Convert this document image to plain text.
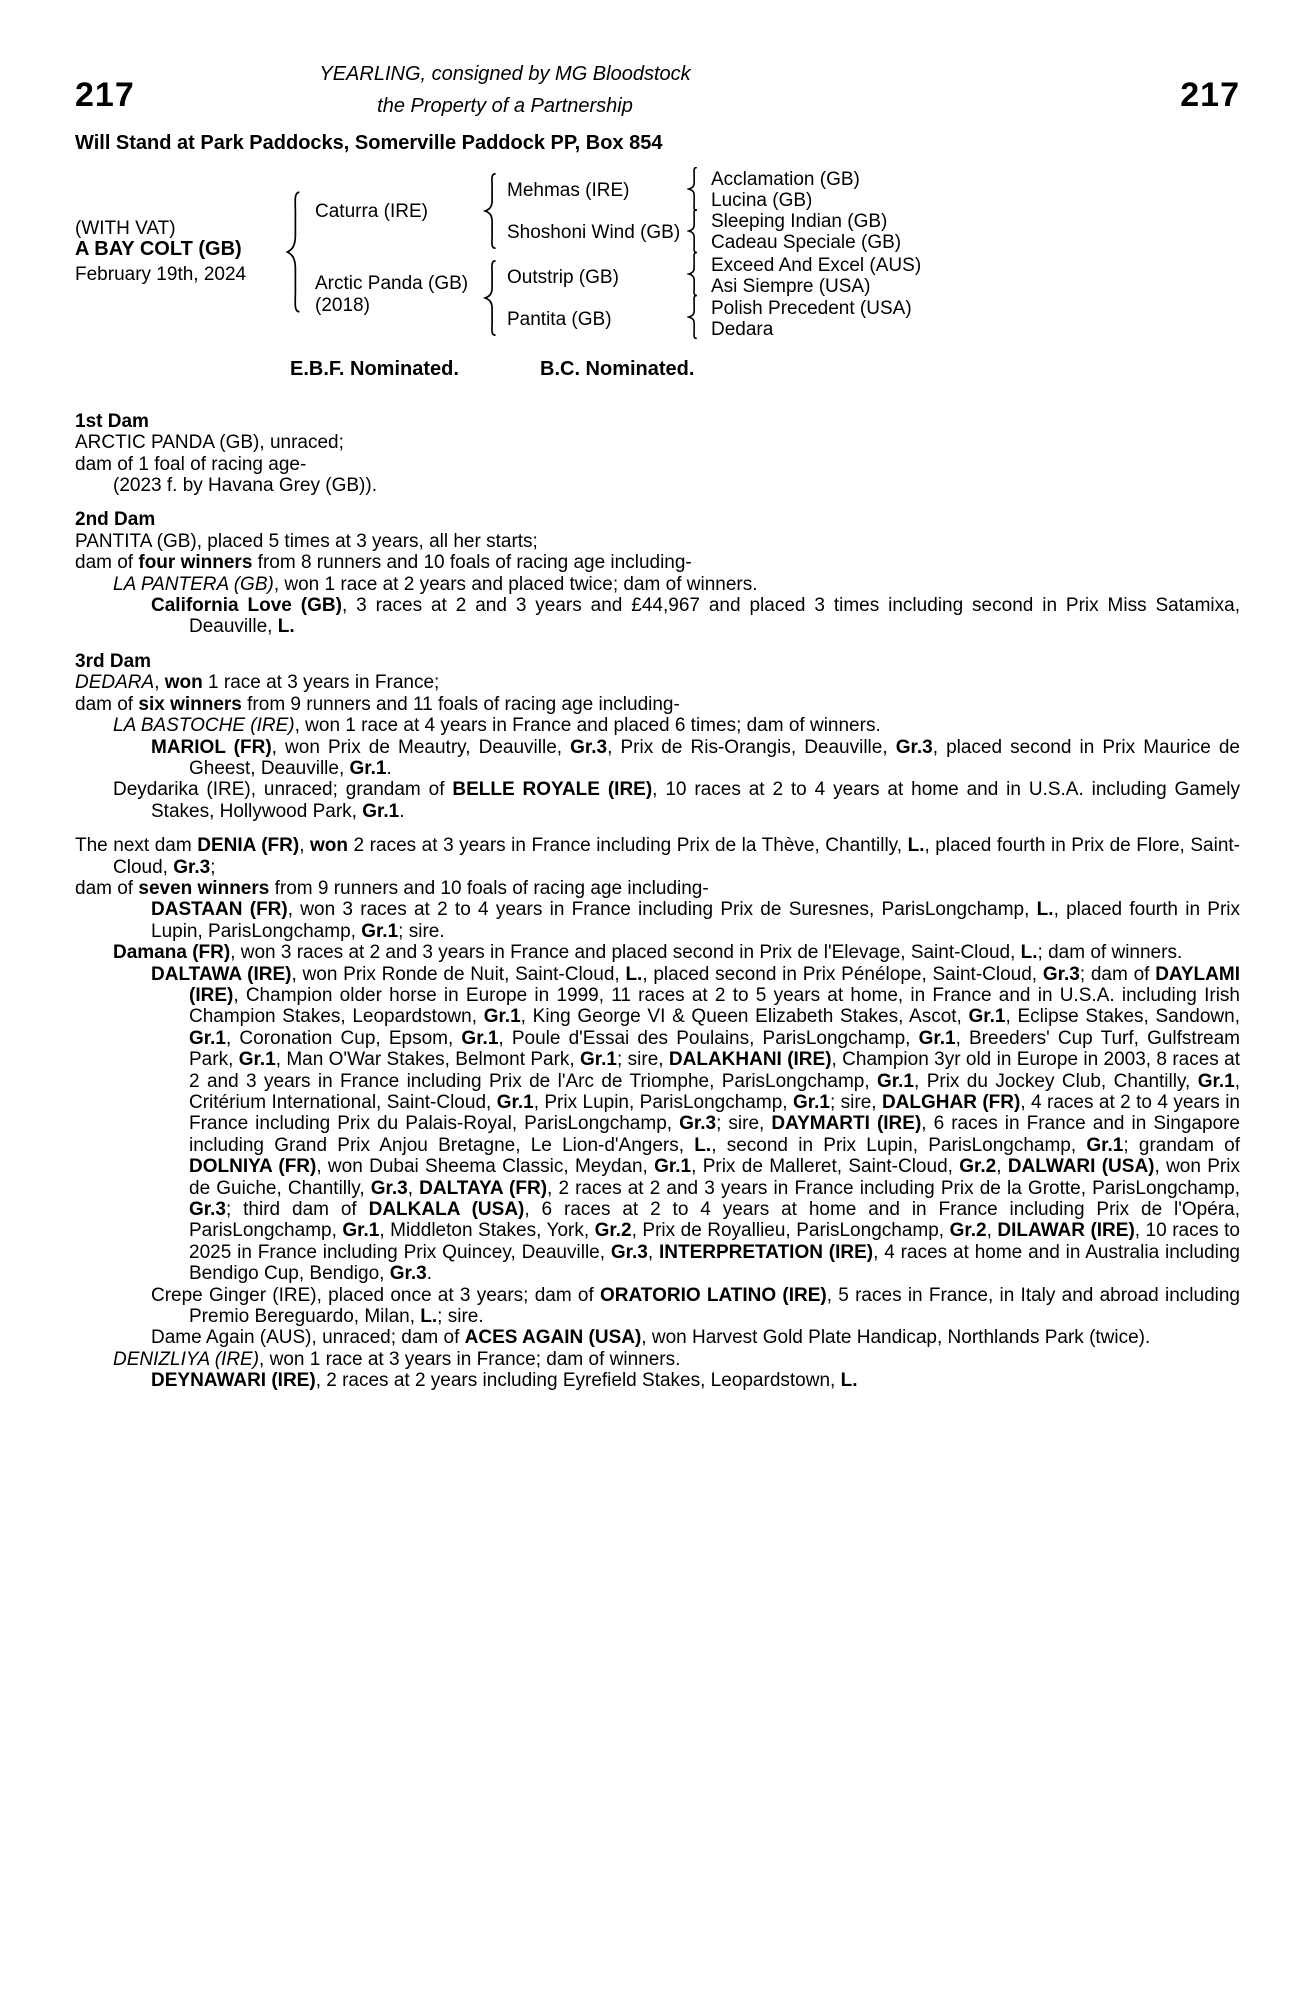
YEARLING, consigned by MG Bloodstock
217	the Property of a Partnership	217
Will Stand at Park Paddocks, Somerville Paddock PP, Box 854
(WITH VAT)
A BAY COLT (GB)
February 19th, 2024
Caturra (IRE)
Arctic Panda (GB)
(2018)
Mehmas (IRE)
Shoshoni Wind (GB)
Outstrip (GB)
Pantita (GB)
Acclamation (GB)
Lucina (GB)
Sleeping Indian (GB)
Cadeau Speciale (GB)
Exceed And Excel (AUS)
Asi Siempre (USA)
Polish Precedent (USA)
Dedara
E.B.F. Nominated.	B.C. Nominated.
1st Dam
ARCTIC PANDA (GB), unraced;
dam of 1 foal of racing age-
(2023 f. by Havana Grey (GB)).
2nd Dam
PANTITA (GB), placed 5 times at 3 years, all her starts;
dam of four winners from 8 runners and 10 foals of racing age including-
LA PANTERA (GB), won 1 race at 2 years and placed twice; dam of winners.
California Love (GB), 3 races at 2 and 3 years and £44,967 and placed 3 times including second in Prix Miss Satamixa, Deauville, L.
3rd Dam
DEDARA, won 1 race at 3 years in France;
dam of six winners from 9 runners and 11 foals of racing age including-
LA BASTOCHE (IRE), won 1 race at 4 years in France and placed 6 times; dam of winners.
MARIOL (FR), won Prix de Meautry, Deauville, Gr.3, Prix de Ris-Orangis, Deauville, Gr.3, placed second in Prix Maurice de Gheest, Deauville, Gr.1.
Deydarika (IRE), unraced; grandam of BELLE ROYALE (IRE), 10 races at 2 to 4 years at home and in U.S.A. including Gamely Stakes, Hollywood Park, Gr.1.
The next dam DENIA (FR), won 2 races at 3 years in France including Prix de la Thève, Chantilly, L., placed fourth in Prix de Flore, Saint-Cloud, Gr.3;
dam of seven winners from 9 runners and 10 foals of racing age including-
DASTAAN (FR), won 3 races at 2 to 4 years in France including Prix de Suresnes, ParisLongchamp, L., placed fourth in Prix Lupin, ParisLongchamp, Gr.1; sire.
Damana (FR), won 3 races at 2 and 3 years in France and placed second in Prix de l'Elevage, Saint-Cloud, L.; dam of winners.
DALTAWA (IRE), won Prix Ronde de Nuit, Saint-Cloud, L., placed second in Prix Pénélope, Saint-Cloud, Gr.3; dam of DAYLAMI (IRE), Champion older horse in Europe in 1999, 11 races at 2 to 5 years at home, in France and in U.S.A. including Irish Champion Stakes, Leopardstown, Gr.1, King George VI & Queen Elizabeth Stakes, Ascot, Gr.1, Eclipse Stakes, Sandown, Gr.1, Coronation Cup, Epsom, Gr.1, Poule d'Essai des Poulains, ParisLongchamp, Gr.1, Breeders' Cup Turf, Gulfstream Park, Gr.1, Man O'War Stakes, Belmont Park, Gr.1; sire, DALAKHANI (IRE), Champion 3yr old in Europe in 2003, 8 races at 2 and 3 years in France including Prix de l'Arc de Triomphe, ParisLongchamp, Gr.1, Prix du Jockey Club, Chantilly, Gr.1, Critérium International, Saint-Cloud, Gr.1, Prix Lupin, ParisLongchamp, Gr.1; sire, DALGHAR (FR), 4 races at 2 to 4 years in France including Prix du Palais-Royal, ParisLongchamp, Gr.3; sire, DAYMARTI (IRE), 6 races in France and in Singapore including Grand Prix Anjou Bretagne, Le Lion-d'Angers, L., second in Prix Lupin, ParisLongchamp, Gr.1; grandam of DOLNIYA (FR), won Dubai Sheema Classic, Meydan, Gr.1, Prix de Malleret, Saint-Cloud, Gr.2, DALWARI (USA), won Prix de Guiche, Chantilly, Gr.3, DALTAYA (FR), 2 races at 2 and 3 years in France including Prix de la Grotte, ParisLongchamp, Gr.3; third dam of DALKALA (USA), 6 races at 2 to 4 years at home and in France including Prix de l'Opéra, ParisLongchamp, Gr.1, Middleton Stakes, York, Gr.2, Prix de Royallieu, ParisLongchamp, Gr.2, DILAWAR (IRE), 10 races to 2025 in France including Prix Quincey, Deauville, Gr.3, INTERPRETATION (IRE), 4 races at home and in Australia including Bendigo Cup, Bendigo, Gr.3.
Crepe Ginger (IRE), placed once at 3 years; dam of ORATORIO LATINO (IRE), 5 races in France, in Italy and abroad including Premio Bereguardo, Milan, L.; sire.
Dame Again (AUS), unraced; dam of ACES AGAIN (USA), won Harvest Gold Plate Handicap, Northlands Park (twice).
DENIZLIYA (IRE), won 1 race at 3 years in France; dam of winners.
DEYNAWARI (IRE), 2 races at 2 years including Eyrefield Stakes, Leopardstown, L.
